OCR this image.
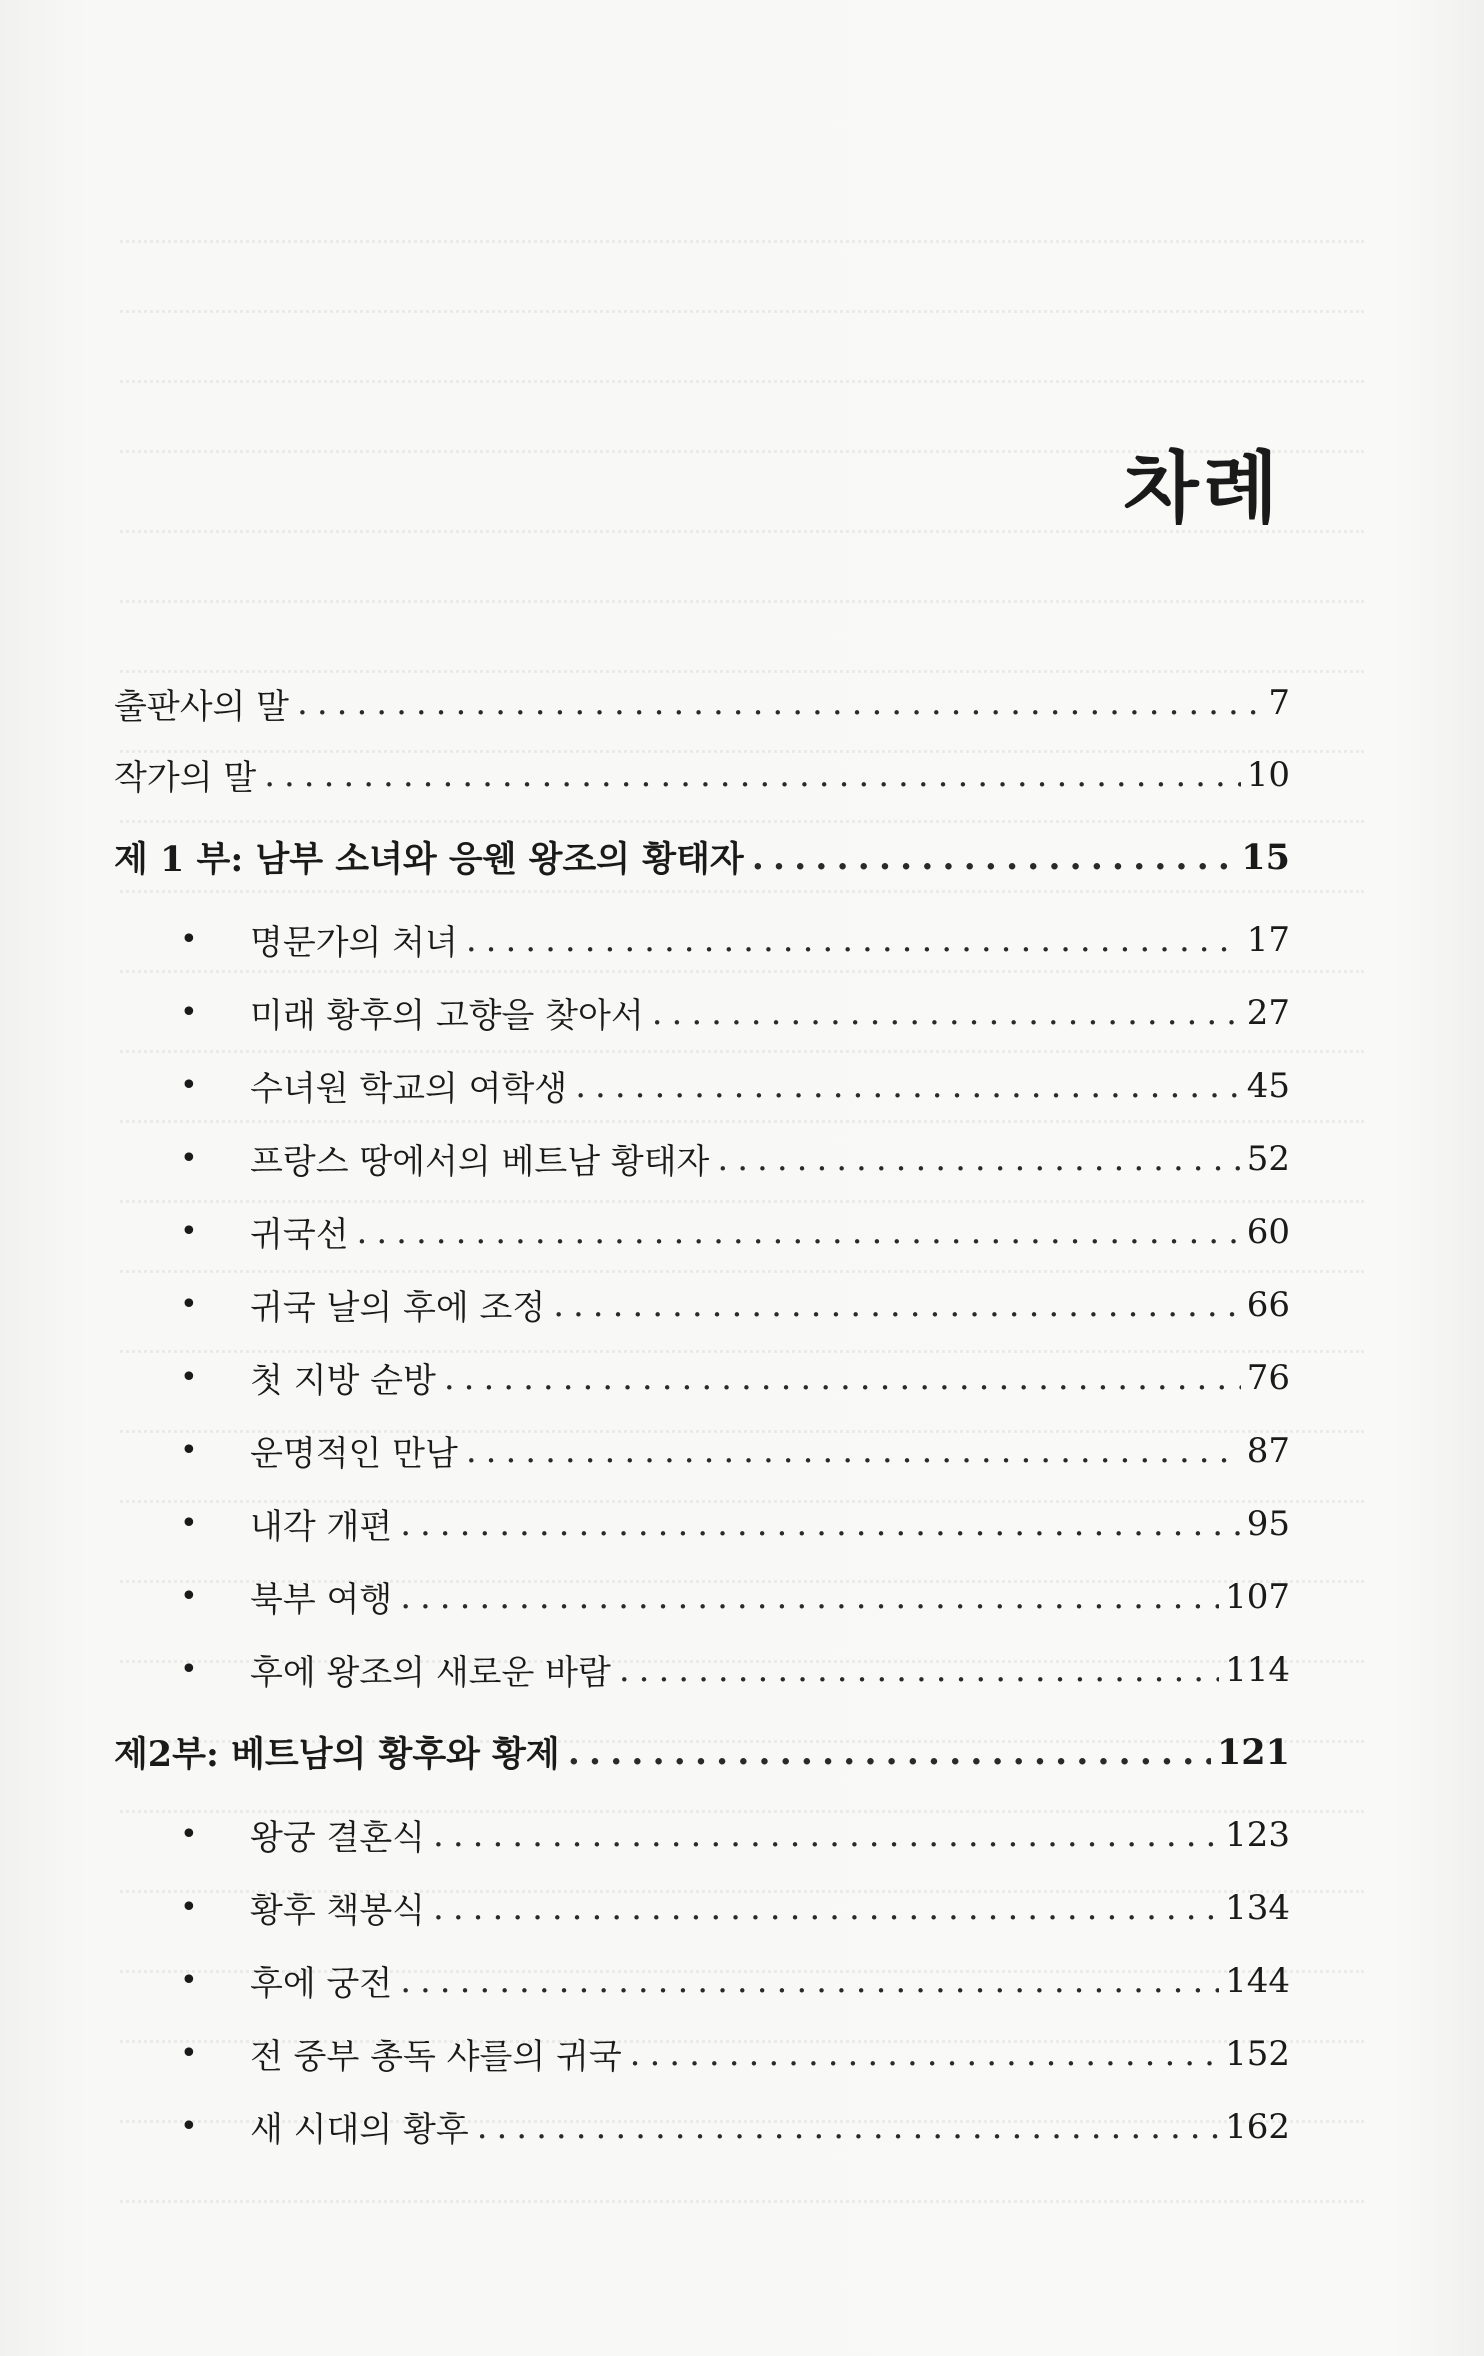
차례
출판사의 말 .....	7
작가의 말 .....	10
제 1 부: 남부 소녀와 응웬 왕조의 황태자 .....	15
•	명문가의 처녀 .....	17
•	미래 황후의 고향을 찾아서 .....	27
•	수녀원 학교의 여학생 .....	45
•	프랑스 땅에서의 베트남 황태자 .....	52
•	귀국선 .....	60
•	귀국 날의 후에 조정 .....	66
•	첫 지방 순방 .....	76
•	운명적인 만남 .....	87
•	내각 개편 .....	95
•	북부 여행 .....	107
•	후에 왕조의 새로운 바람 .....	114
제2부: 베트남의 황후와 황제 .....	121
•	왕궁 결혼식 .....	123
•	황후 책봉식 .....	134
•	후에 궁전 .....	144
•	전 중부 총독 샤를의 귀국 .....	152
•	새 시대의 황후 .....	162
